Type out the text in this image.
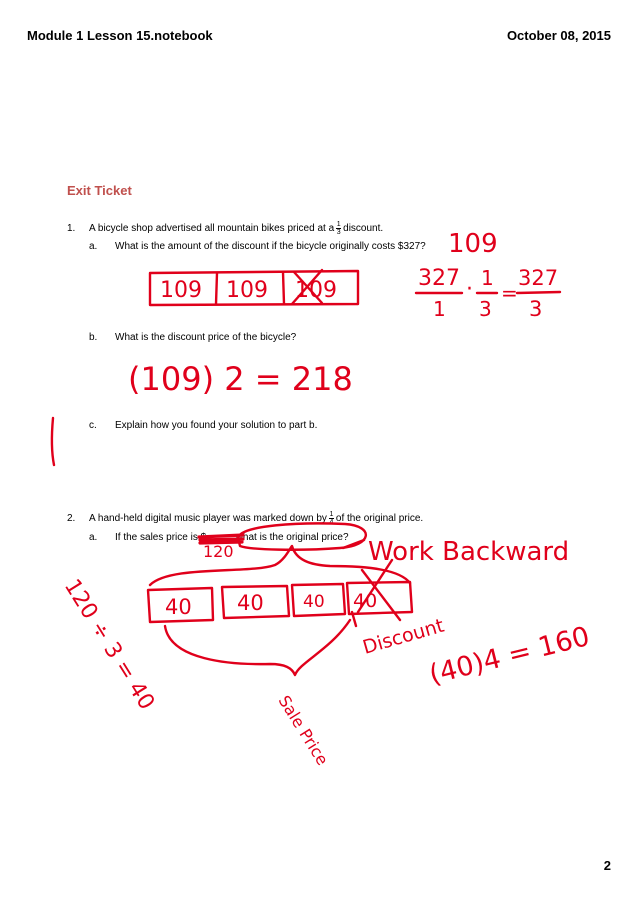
Module 1 Lesson 15.notebook	October 08, 2015
Exit Ticket
1. A bicycle shop advertised all mountain bikes priced at a $\frac{1}{3}$ discount.
a. What is the amount of the discount if the bicycle originally costs $327?
b. What is the discount price of the bicycle?
c. Explain how you found your solution to part b.
2. A hand-held digital music player was marked down by $\frac{1}{4}$ of the original price.
a. If the sales price is $ , what is the original price?
109
109 109 109	327
1
· 1
3
=
327
3
(109) 2 = 218
120	Work Backward
40 40 40 40
Discount
Sale Price
120 ÷ 3 = 40	(40)4 = 160
2
